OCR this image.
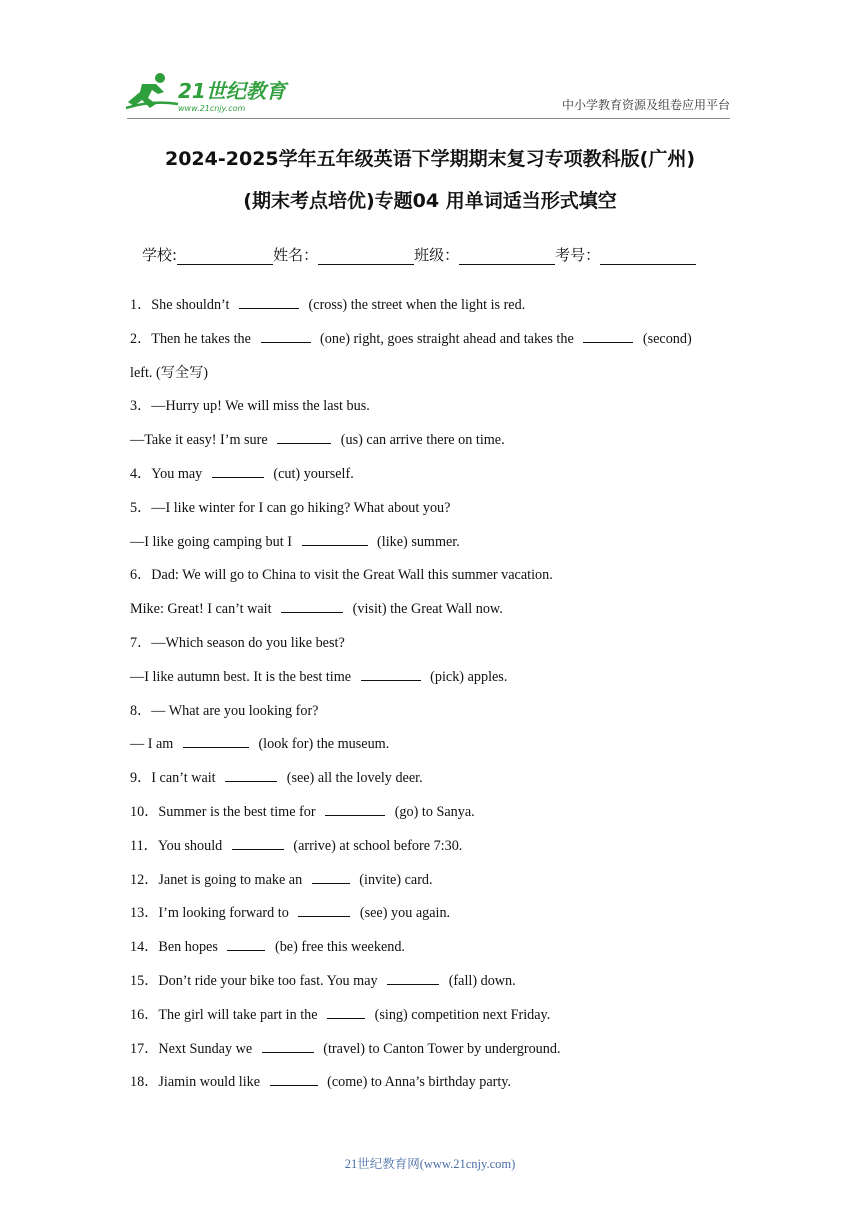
21世纪教育
www.21cnjy.com	中小学教育资源及组卷应用平台
2024-2025学年五年级英语下学期期末复习专项教科版(广州)
(期末考点培优)专题04 用单词适当形式填空
学校:	姓名：	班级：	考号：
1．She shouldn’t	(cross) the street when the light is red.
2．Then he takes the	(one) right, goes straight ahead and takes the	(second)
left. (写全写)
3．—Hurry up! We will miss the last bus.
—Take it easy! I’m sure	(us) can arrive there on time.
4．You may	(cut) yourself.
5．—I like winter for I can go hiking? What about you?
—I like going camping but I	(like) summer.
6．Dad: We will go to China to visit the Great Wall this summer vacation.
Mike: Great! I can’t wait	(visit) the Great Wall now.
7．—Which season do you like best?
—I like autumn best. It is the best time	(pick) apples.
8．— What are you looking for?
— I am	(look for) the museum.
9．I can’t wait	(see) all the lovely deer.
10．Summer is the best time for	(go) to Sanya.
11．You should	(arrive) at school before 7:30.
12．Janet is going to make an	(invite) card.
13．I’m looking forward to	(see) you again.
14．Ben hopes	(be) free this weekend.
15．Don’t ride your bike too fast. You may	(fall) down.
16．The girl will take part in the	(sing) competition next Friday.
17．Next Sunday we	(travel) to Canton Tower by underground.
18．Jiamin would like	(come) to Anna’s birthday party.
21世纪教育网(www.21cnjy.com)
